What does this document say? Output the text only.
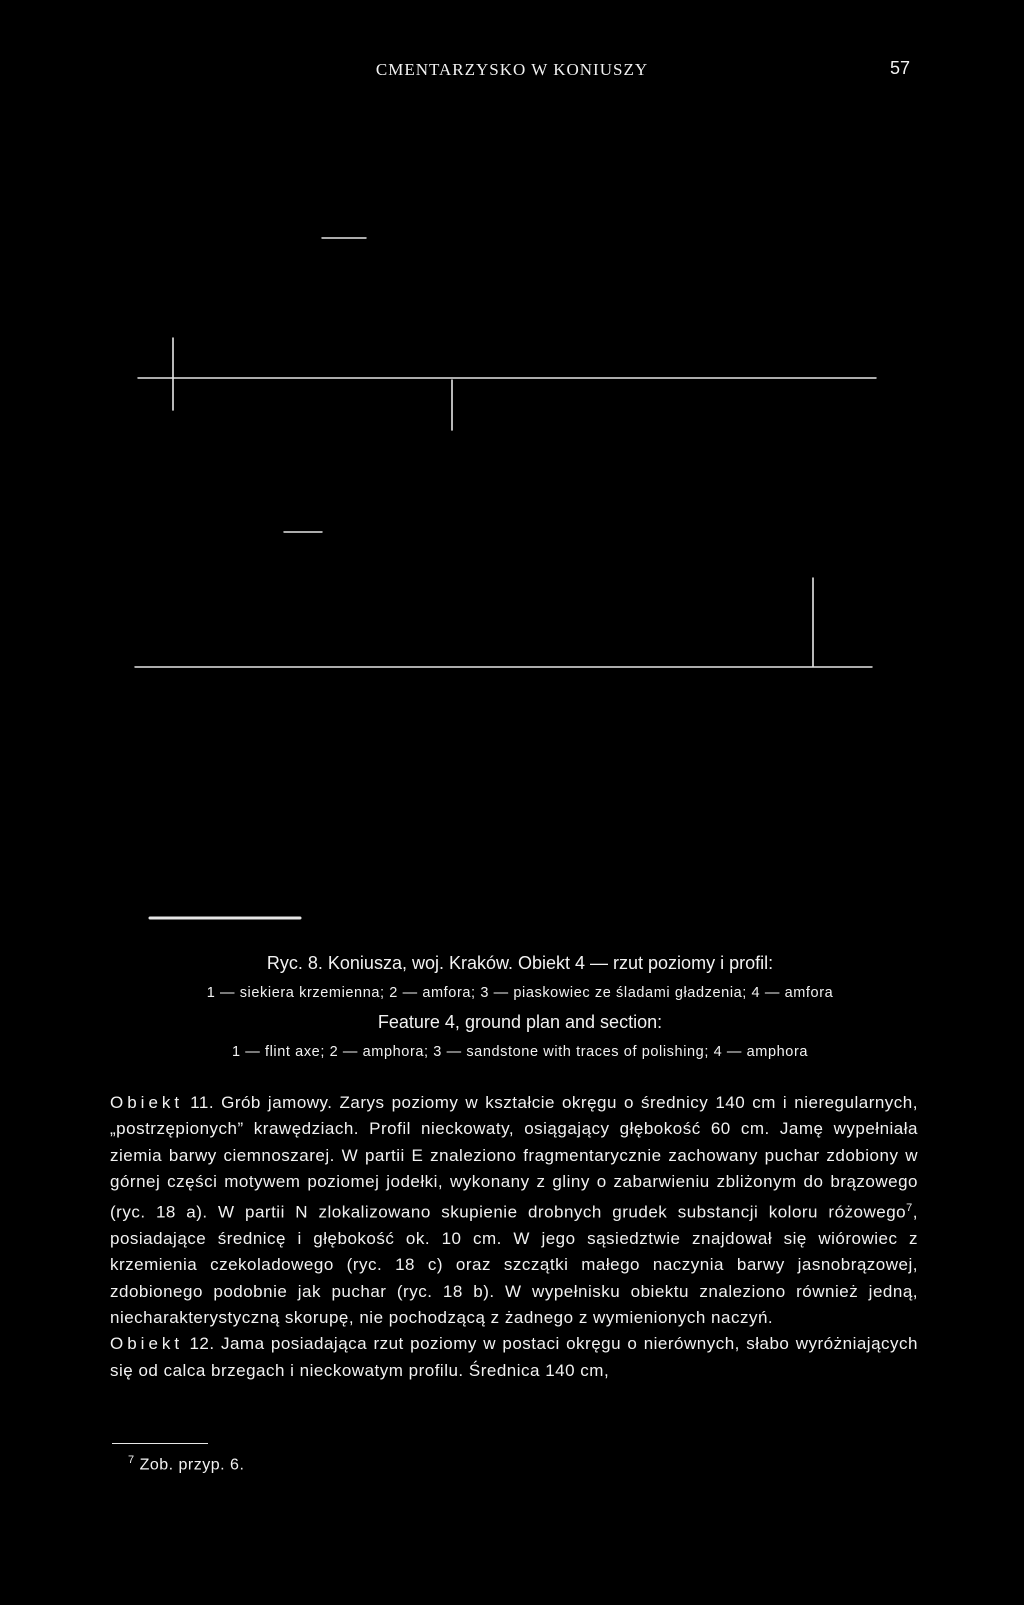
CMENTARZYSKO W KONIUSZY	57
Ryc. 8. Koniusza, woj. Kraków. Obiekt 4 — rzut poziomy i profil:
1 — siekiera krzemienna; 2 — amfora; 3 — piaskowiec ze śladami gładzenia; 4 — amfora
Feature 4, ground plan and section:
1 — flint axe; 2 — amphora; 3 — sandstone with traces of polishing; 4 — amphora

Obiekt 11. Grób jamowy. Zarys poziomy w kształcie okręgu o średnicy 140 cm i nieregularnych, „postrzępionych” krawędziach. Profil nieckowaty, osiągający głębokość 60 cm. Jamę wypełniała ziemia barwy ciemnoszarej. W partii E znaleziono fragmentarycznie zachowany puchar zdobiony w górnej części motywem poziomej jodełki, wykonany z gliny o zabarwieniu zbliżonym do brązowego (ryc. 18 a). W partii N zlokalizowano skupienie drobnych grudek substancji koloru różowego$^7$, posiadające średnicę i głębokość ok. 10 cm. W jego sąsiedztwie znajdował się wiórowiec z krzemienia czekoladowego (ryc. 18 c) oraz szczątki małego naczynia barwy jasnobrązowej, zdobionego podobnie jak puchar (ryc. 18 b). W wypełnisku obiektu znaleziono również jedną, niecharakterystyczną skorupę, nie pochodzącą z żadnego z wymienionych naczyń.

Obiekt 12. Jama posiadająca rzut poziomy w postaci okręgu o nierównych, słabo wyróżniających się od calca brzegach i nieckowatym profilu. Średnica 140 cm,

$^7$ Zob. przyp. 6.
